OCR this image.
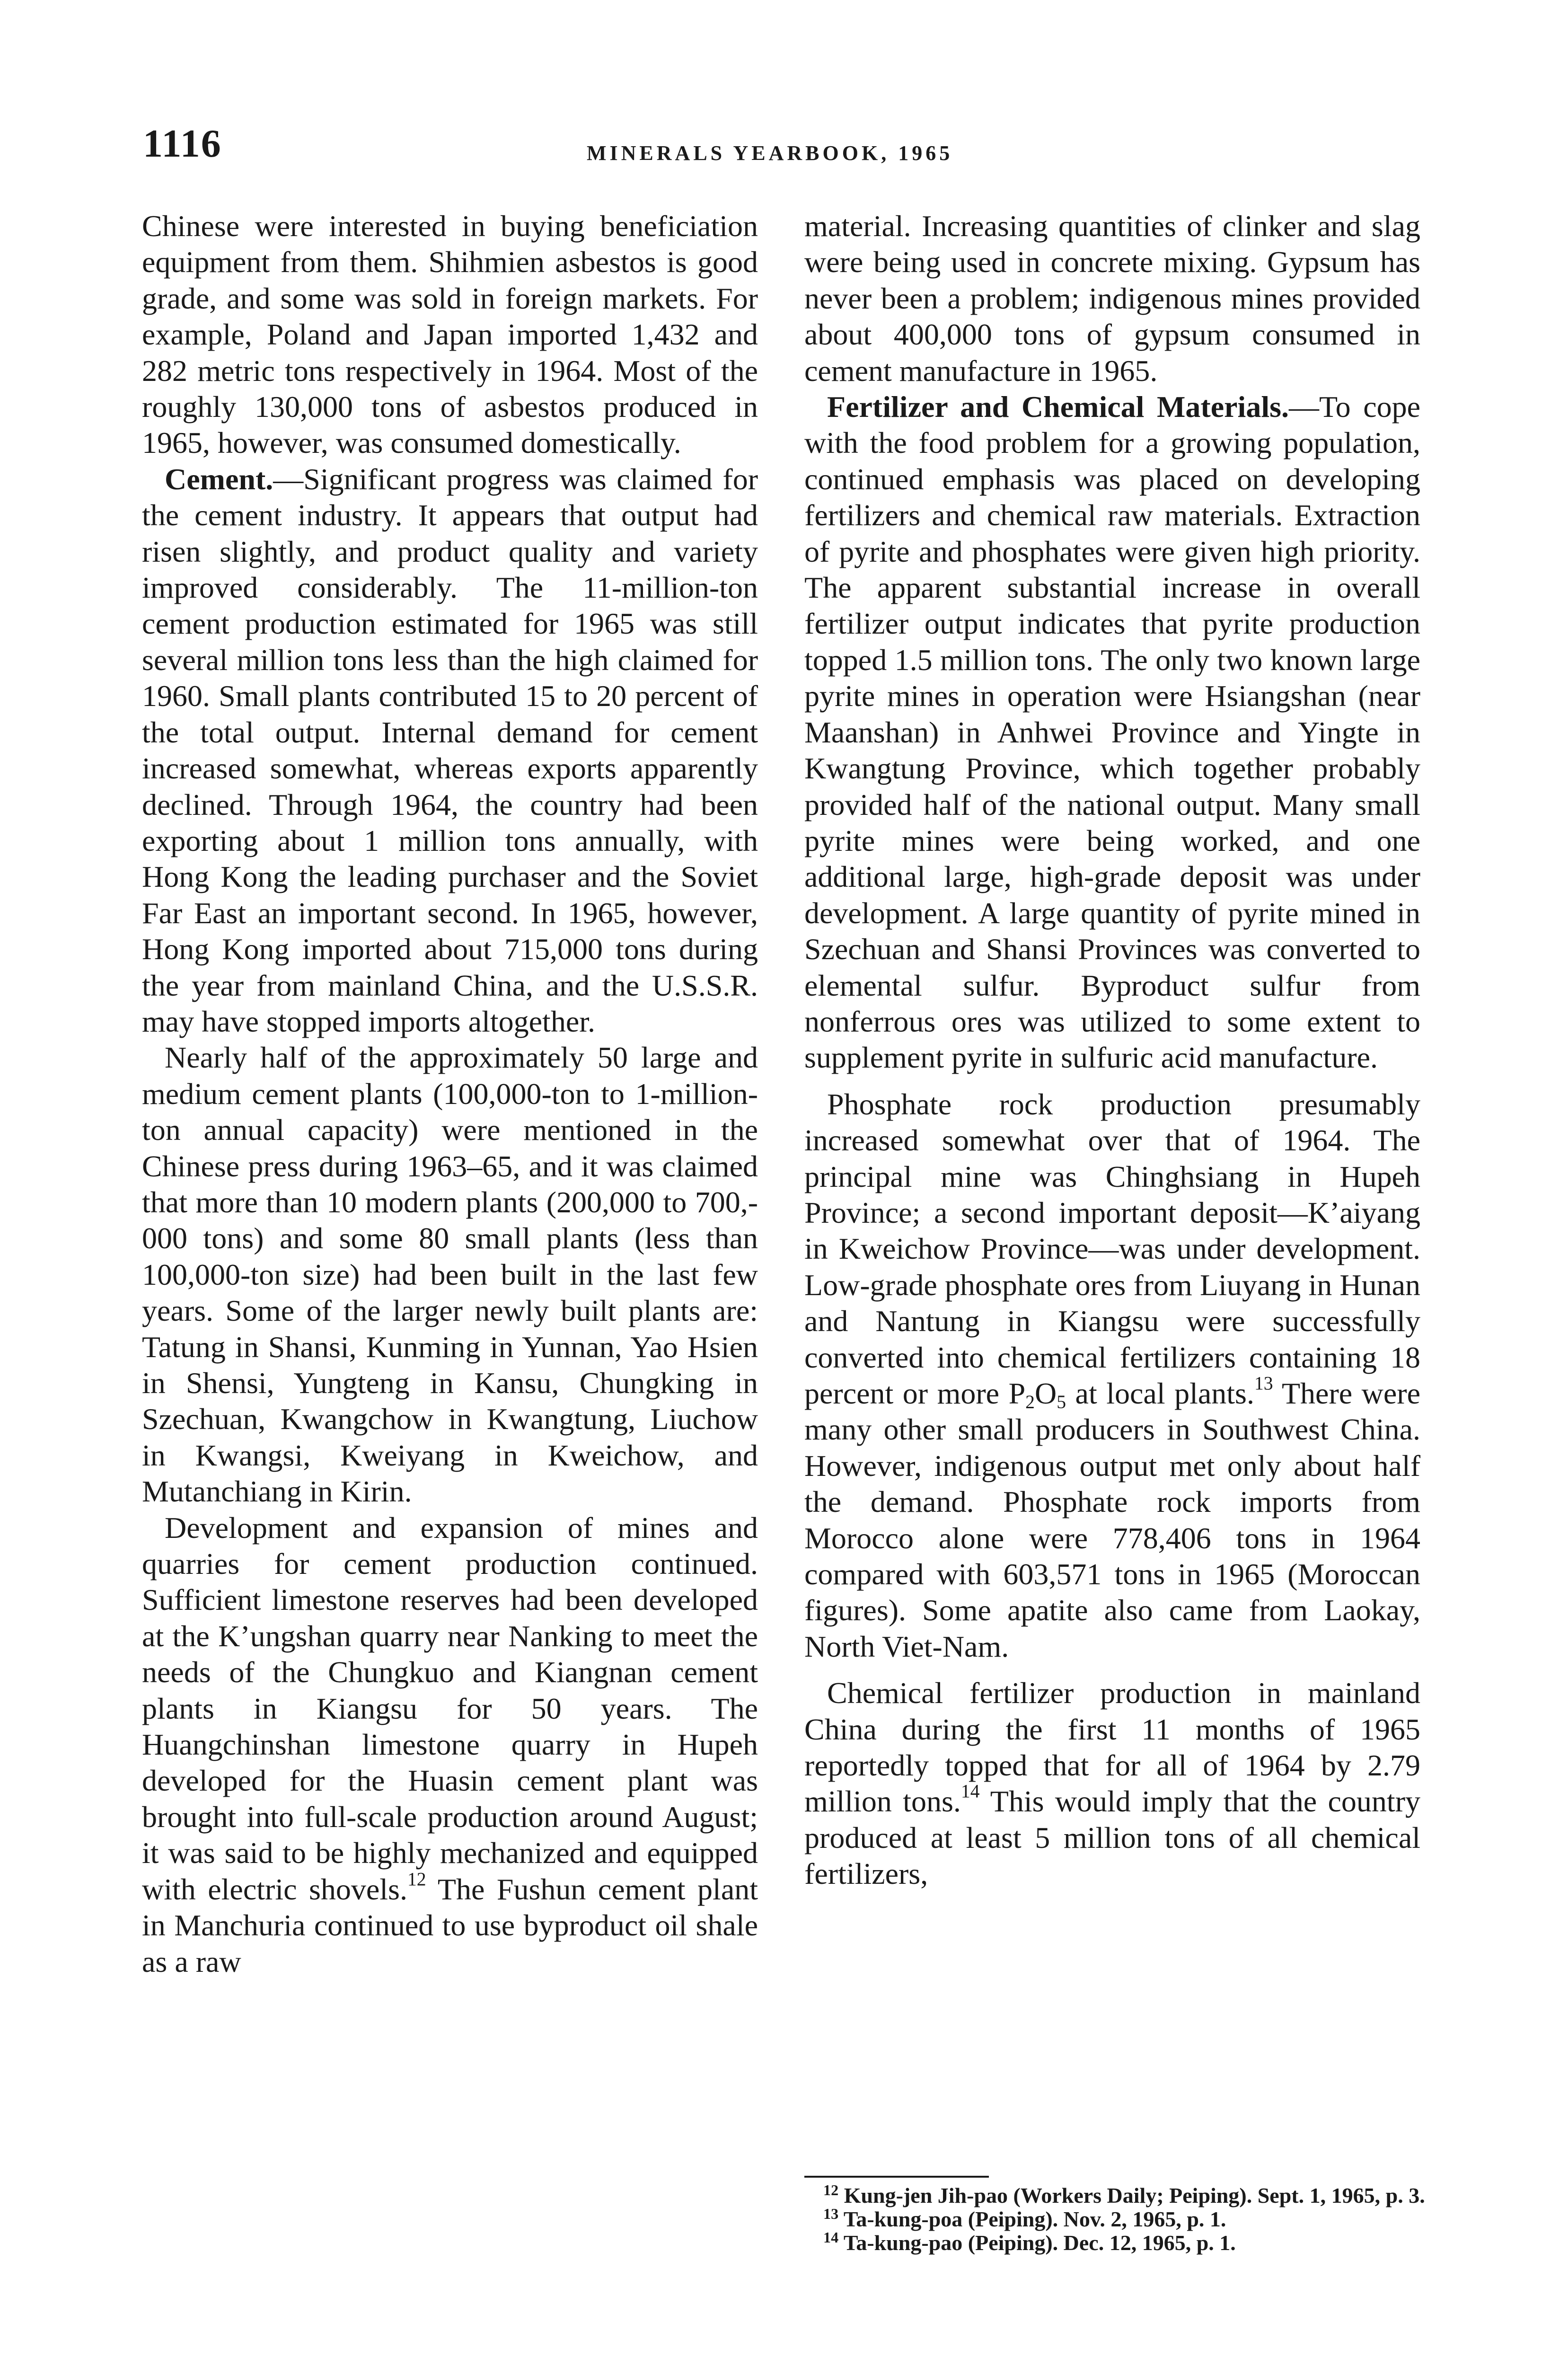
1116	MINERALS YEARBOOK, 1965

Chinese were interested in buying beneficiation equipment from them. Shihmien asbestos is good grade, and some was sold in foreign markets. For example, Poland and Japan imported 1,432 and 282 metric tons respectively in 1964. Most of the roughly 130,000 tons of asbestos produced in 1965, however, was consumed domestically.

Cement.—Significant progress was claimed for the cement industry. It appears that output had risen slightly, and product quality and variety improved considerably. The 11-million-ton cement production estimated for 1965 was still several million tons less than the high claimed for 1960. Small plants contributed 15 to 20 percent of the total output. Internal demand for cement increased somewhat, whereas exports apparently declined. Through 1964, the country had been exporting about 1 million tons annually, with Hong Kong the leading purchaser and the Soviet Far East an important second. In 1965, however, Hong Kong imported about 715,000 tons during the year from mainland China, and the U.S.S.R. may have stopped imports altogether.

Nearly half of the approximately 50 large and medium cement plants (100,000-ton to 1-million-ton annual capacity) were mentioned in the Chinese press during 1963–65, and it was claimed that more than 10 modern plants (200,000 to 700,000 tons) and some 80 small plants (less than 100,000-ton size) had been built in the last few years. Some of the larger newly built plants are: Tatung in Shansi, Kunming in Yunnan, Yao Hsien in Shensi, Yungteng in Kansu, Chungking in Szechuan, Kwangchow in Kwangtung, Liuchow in Kwangsi, Kweiyang in Kweichow, and Mutanchiang in Kirin.

Development and expansion of mines and quarries for cement production continued. Sufficient limestone reserves had been developed at the K’ungshan quarry near Nanking to meet the needs of the Chungkuo and Kiangnan cement plants in Kiangsu for 50 years. The Huangchinshan limestone quarry in Hupeh developed for the Huasin cement plant was brought into full-scale production around August; it was said to be highly mechanized and equipped with electric shovels.$^{12}$ The Fushun cement plant in Manchuria continued to use byproduct oil shale as a raw

material. Increasing quantities of clinker and slag were being used in concrete mixing. Gypsum has never been a problem; indigenous mines provided about 400,000 tons of gypsum consumed in cement manufacture in 1965.

Fertilizer and Chemical Materials.—To cope with the food problem for a growing population, continued emphasis was placed on developing fertilizers and chemical raw materials. Extraction of pyrite and phosphates were given high priority. The apparent substantial increase in overall fertilizer output indicates that pyrite production topped 1.5 million tons. The only two known large pyrite mines in operation were Hsiangshan (near Maanshan) in Anhwei Province and Yingte in Kwangtung Province, which together probably provided half of the national output. Many small pyrite mines were being worked, and one additional large, high-grade deposit was under development. A large quantity of pyrite mined in Szechuan and Shansi Provinces was converted to elemental sulfur. Byproduct sulfur from nonferrous ores was utilized to some extent to supplement pyrite in sulfuric acid manufacture.

Phosphate rock production presumably increased somewhat over that of 1964. The principal mine was Chinghsiang in Hupeh Province; a second important deposit—K’aiyang in Kweichow Province—was under development. Low-grade phosphate ores from Liuyang in Hunan and Nantung in Kiangsu were successfully converted into chemical fertilizers containing 18 percent or more $P_2O_5$ at local plants.$^{13}$ There were many other small producers in Southwest China. However, indigenous output met only about half the demand. Phosphate rock imports from Morocco alone were 778,406 tons in 1964 compared with 603,571 tons in 1965 (Moroccan figures). Some apatite also came from Laokay, North Viet-Nam.

Chemical fertilizer production in mainland China during the first 11 months of 1965 reportedly topped that for all of 1964 by 2.79 million tons.$^{14}$ This would imply that the country produced at least 5 million tons of all chemical fertilizers,

$^{12}$ Kung-jen Jih-pao (Workers Daily; Peiping). Sept. 1, 1965, p. 3.

$^{13}$ Ta-kung-poa (Peiping). Nov. 2, 1965, p. 1.

$^{14}$ Ta-kung-pao (Peiping). Dec. 12, 1965, p. 1.
